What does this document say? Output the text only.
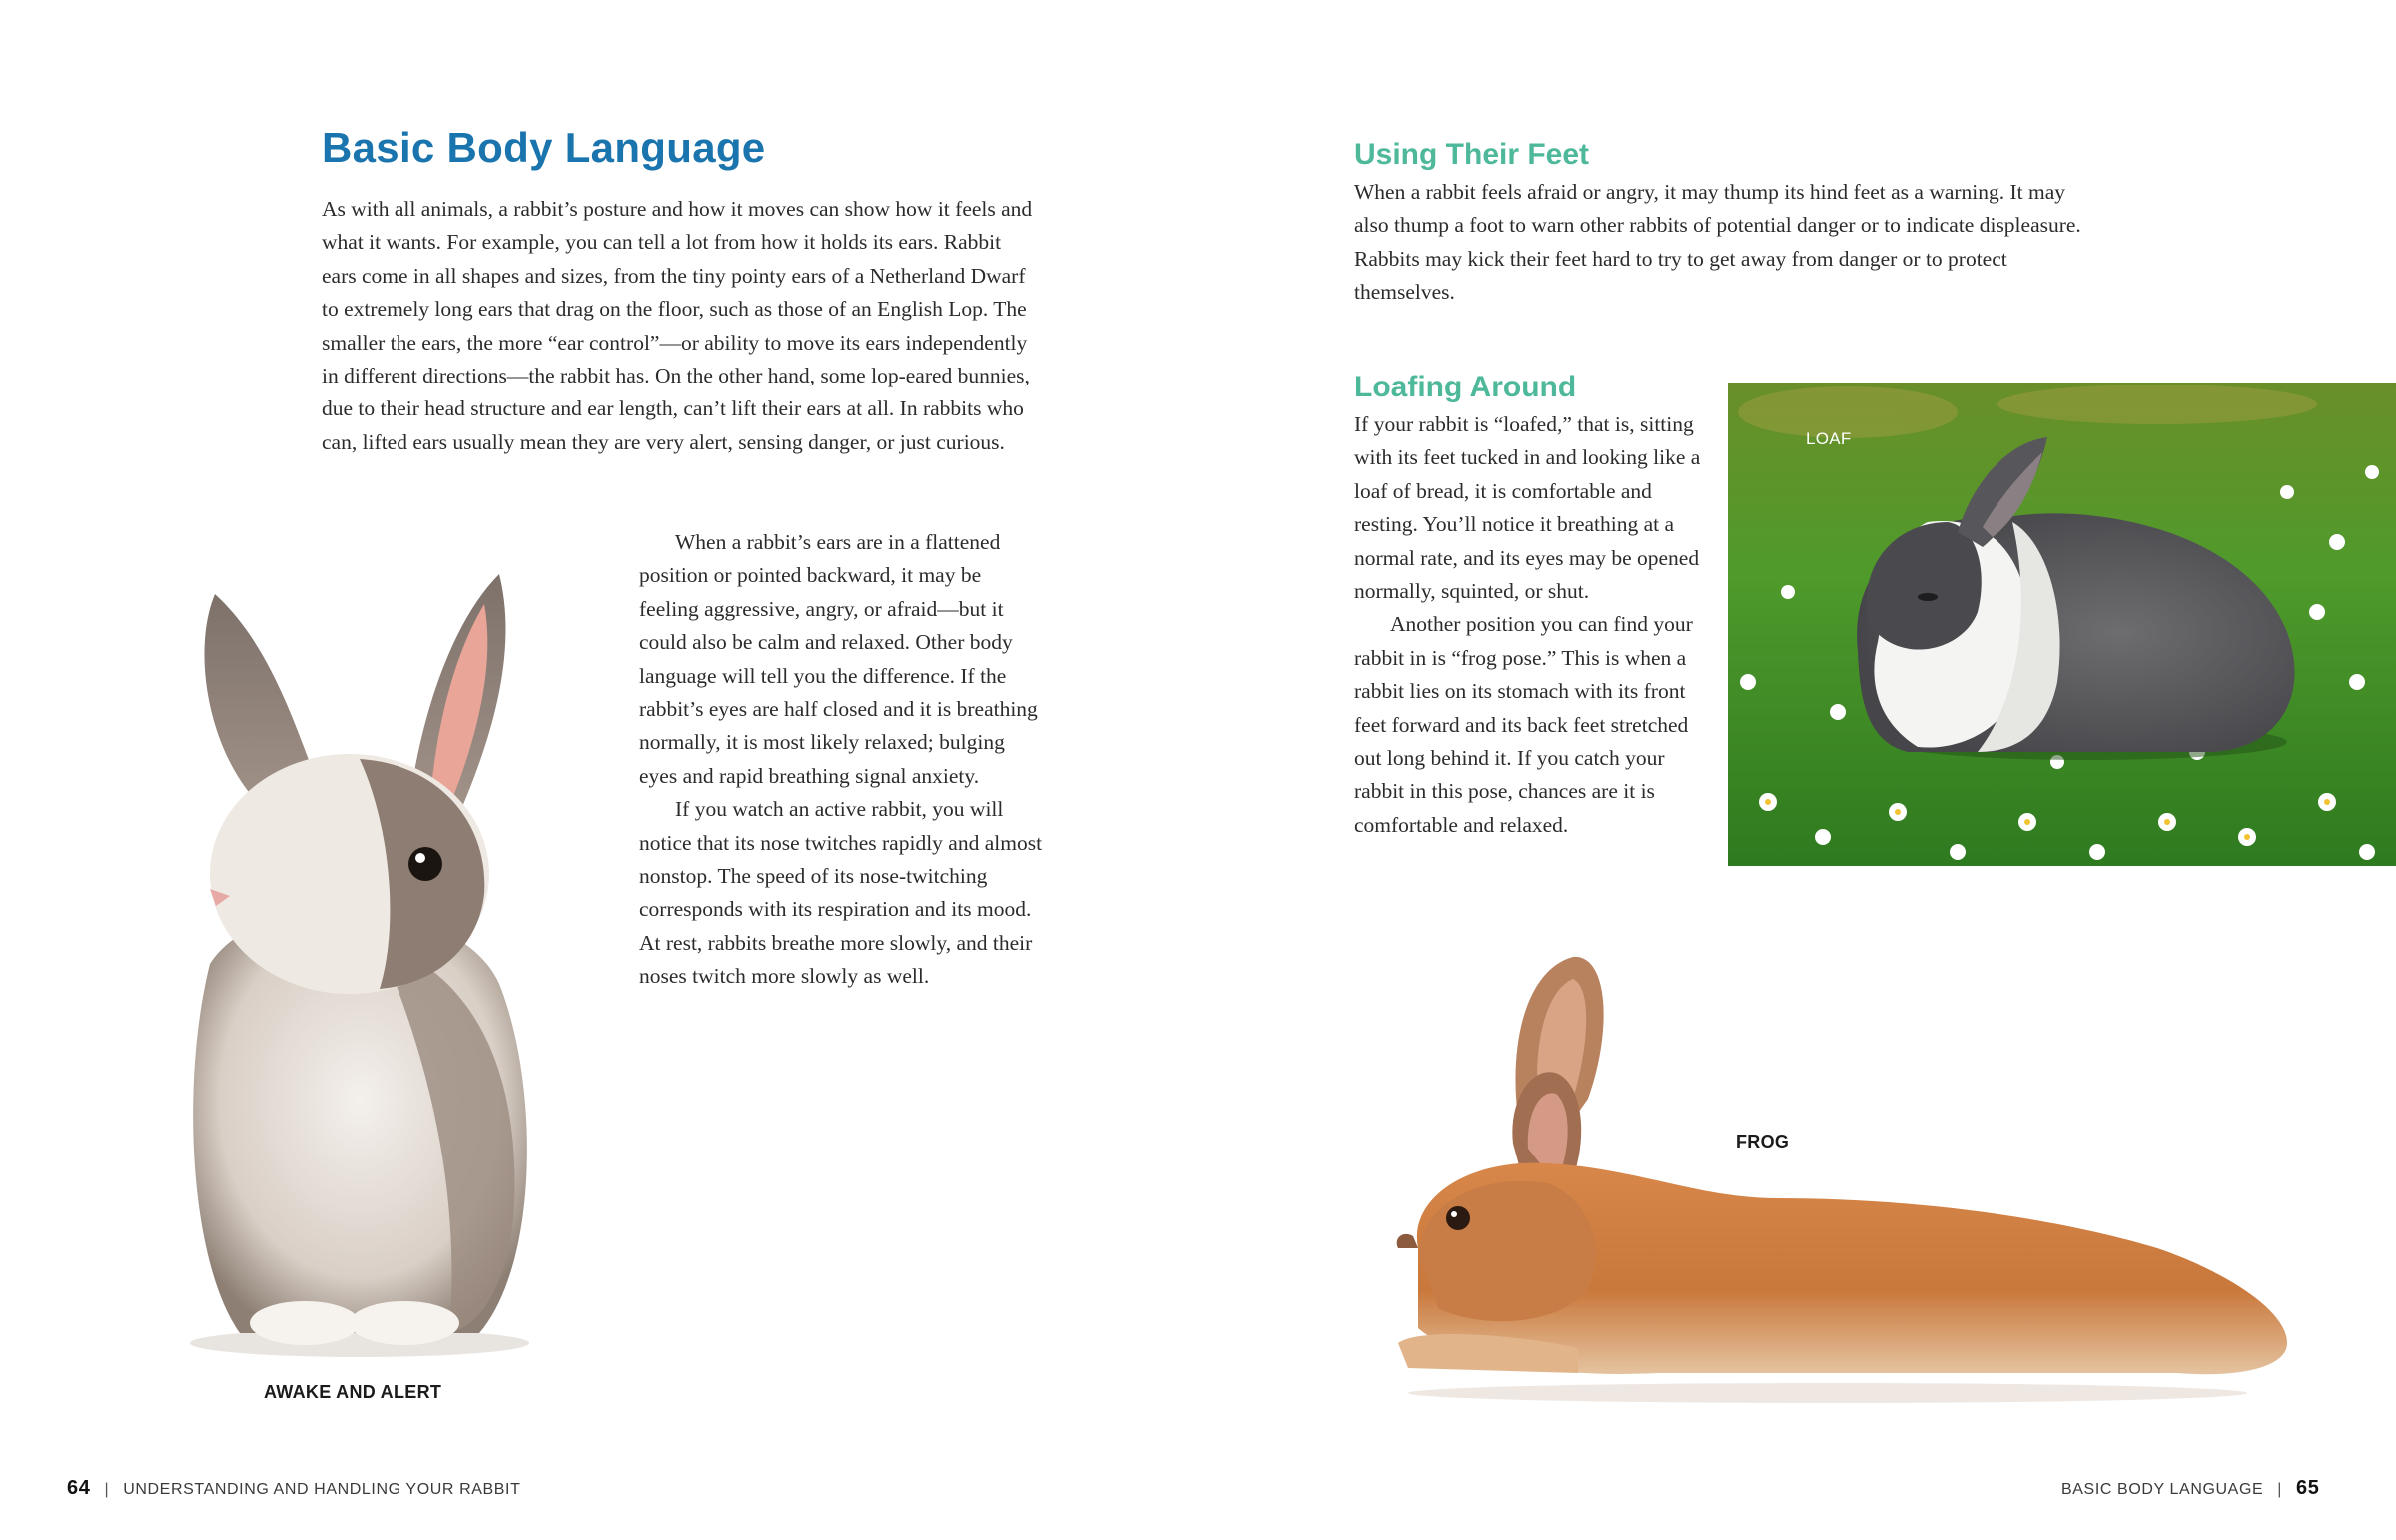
Basic Body Language

As with all animals, a rabbit’s posture and how it moves can show how it feels and what it wants. For example, you can tell a lot from how it holds its ears. Rabbit ears come in all shapes and sizes, from the tiny pointy ears of a Netherland Dwarf to extremely long ears that drag on the floor, such as those of an English Lop. The smaller the ears, the more “ear control”—or ability to move its ears independently in different directions—the rabbit has. On the other hand, some lop-eared bunnies, due to their head structure and ear length, can’t lift their ears at all. In rabbits who can, lifted ears usually mean they are very alert, sensing danger, or just curious.

When a rabbit’s ears are in a flattened position or pointed backward, it may be feeling aggressive, angry, or afraid—but it could also be calm and relaxed. Other body language will tell you the difference. If the rabbit’s eyes are half closed and it is breathing normally, it is most likely relaxed; bulging eyes and rapid breathing signal anxiety.

If you watch an active rabbit, you will notice that its nose twitches rapidly and almost nonstop. The speed of its nose-twitching corresponds with its respiration and its mood. At rest, rabbits breathe more slowly, and their noses twitch more slowly as well.

AWAKE AND ALERT
64 | UNDERSTANDING AND HANDLING YOUR RABBIT
Using Their Feet

When a rabbit feels afraid or angry, it may thump its hind feet as a warning. It may also thump a foot to warn other rabbits of potential danger or to indicate displeasure. Rabbits may kick their feet hard to try to get away from danger or to protect themselves.

Loafing Around

If your rabbit is “loafed,” that is, sitting with its feet tucked in and looking like a loaf of bread, it is comfortable and resting. You’ll notice it breathing at a normal rate, and its eyes may be opened normally, squinted, or shut.

Another position you can find your rabbit in is “frog pose.” This is when a rabbit lies on its stomach with its front feet forward and its back feet stretched out long behind it. If you catch your rabbit in this pose, chances are it is comfortable and relaxed.

LOAF
FROG
BASIC BODY LANGUAGE | 65
